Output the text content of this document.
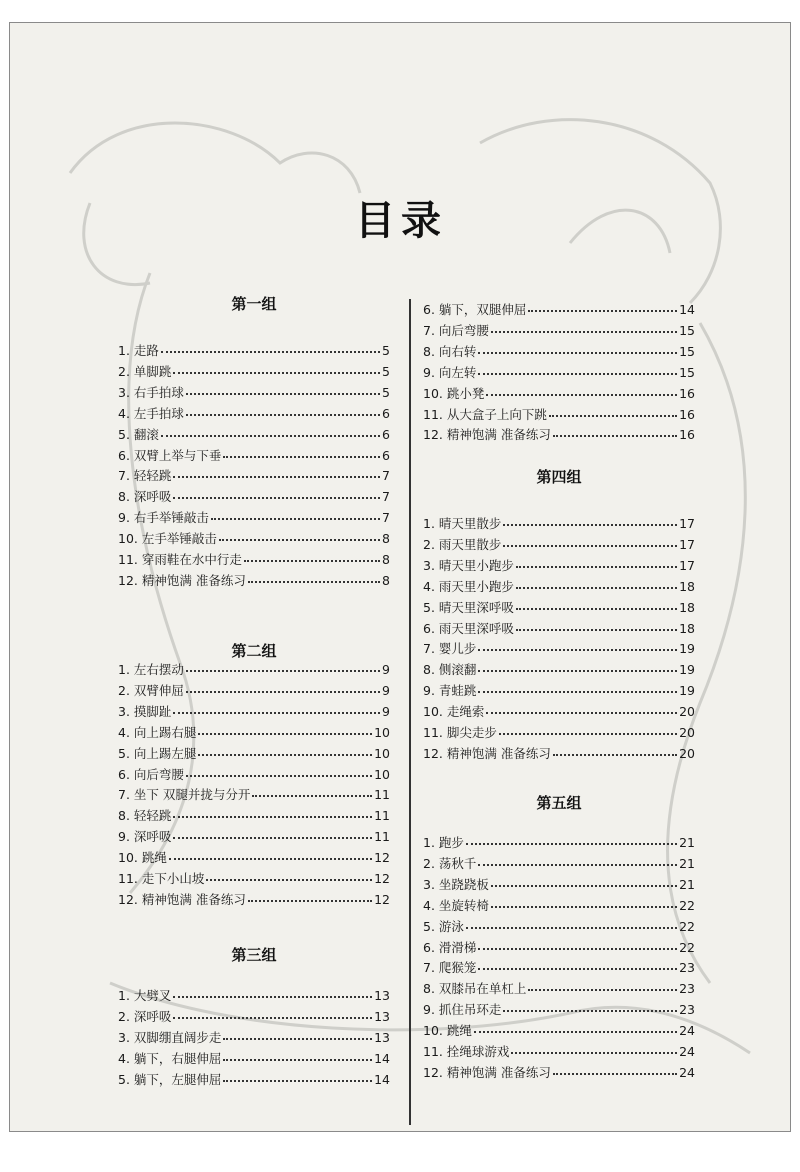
目录
第一组
1. 走路	5
2. 单脚跳	5
3. 右手拍球	5
4. 左手拍球	6
5. 翻滚	6
6. 双臂上举与下垂	6
7. 轻轻跳	7
8. 深呼吸	7
9. 右手举锤敲击	7
10. 左手举锤敲击	8
11. 穿雨鞋在水中行走	8
12. 精神饱满 准备练习	8
第二组
1. 左右摆动	9
2. 双臂伸屈	9
3. 摸脚趾	9
4. 向上踢右腿	10
5. 向上踢左腿	10
6. 向后弯腰	10
7. 坐下 双腿并拢与分开	11
8. 轻轻跳	11
9. 深呼吸	11
10. 跳绳	12
11. 走下小山坡	12
12. 精神饱满 准备练习	12
第三组
1. 大劈叉	13
2. 深呼吸	13
3. 双脚绷直阔步走	13
4. 躺下，右腿伸屈	14
5. 躺下，左腿伸屈	14
6. 躺下，双腿伸屈	14
7. 向后弯腰	15
8. 向右转	15
9. 向左转	15
10. 跳小凳	16
11. 从大盒子上向下跳	16
12. 精神饱满 准备练习	16
第四组
1. 晴天里散步	17
2. 雨天里散步	17
3. 晴天里小跑步	17
4. 雨天里小跑步	18
5. 晴天里深呼吸	18
6. 雨天里深呼吸	18
7. 婴儿步	19
8. 侧滚翻	19
9. 青蛙跳	19
10. 走绳索	20
11. 脚尖走步	20
12. 精神饱满 准备练习	20
第五组
1. 跑步	21
2. 荡秋千	21
3. 坐跷跷板	21
4. 坐旋转椅	22
5. 游泳	22
6. 滑滑梯	22
7. 爬猴笼	23
8. 双膝吊在单杠上	23
9. 抓住吊环走	23
10. 跳绳	24
11. 拴绳球游戏	24
12. 精神饱满 准备练习	24
